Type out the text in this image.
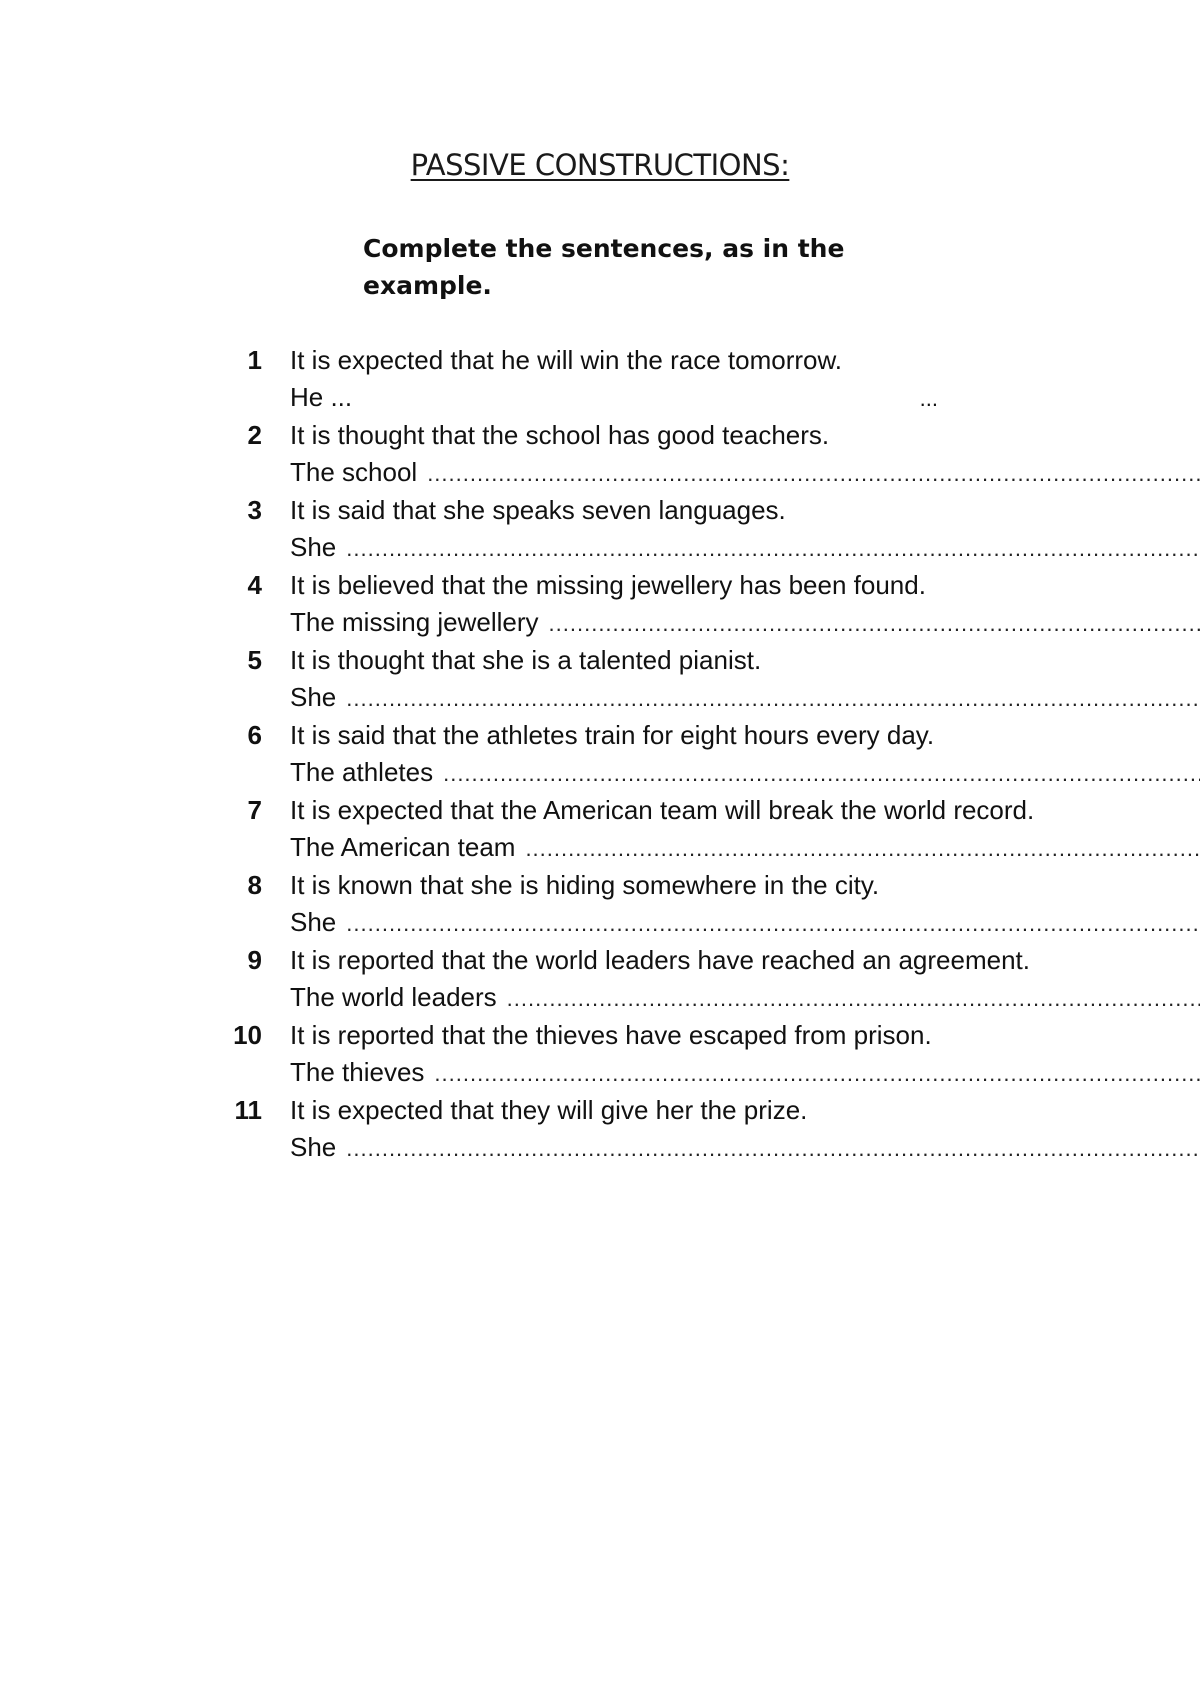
PASSIVE CONSTRUCTIONS:
Complete the sentences, as in the example.
1	It is expected that he will win the race tomorrow.
He ...	...
2	It is thought that the school has good teachers.
The school
.....
3	It is said that she speaks seven languages.
She
.....
4	It is believed that the missing jewellery has been found.
The missing jewellery
.....
5	It is thought that she is a talented pianist.
She
.....
6	It is said that the athletes train for eight hours every day.
The athletes
.....
7	It is expected that the American team will break the world record.
The American team
.....
8	It is known that she is hiding somewhere in the city.
She
.....
9	It is reported that the world leaders have reached an agreement.
The world leaders
.....
10	It is reported that the thieves have escaped from prison.
The thieves
.....
11	It is expected that they will give her the prize.
She
.....
